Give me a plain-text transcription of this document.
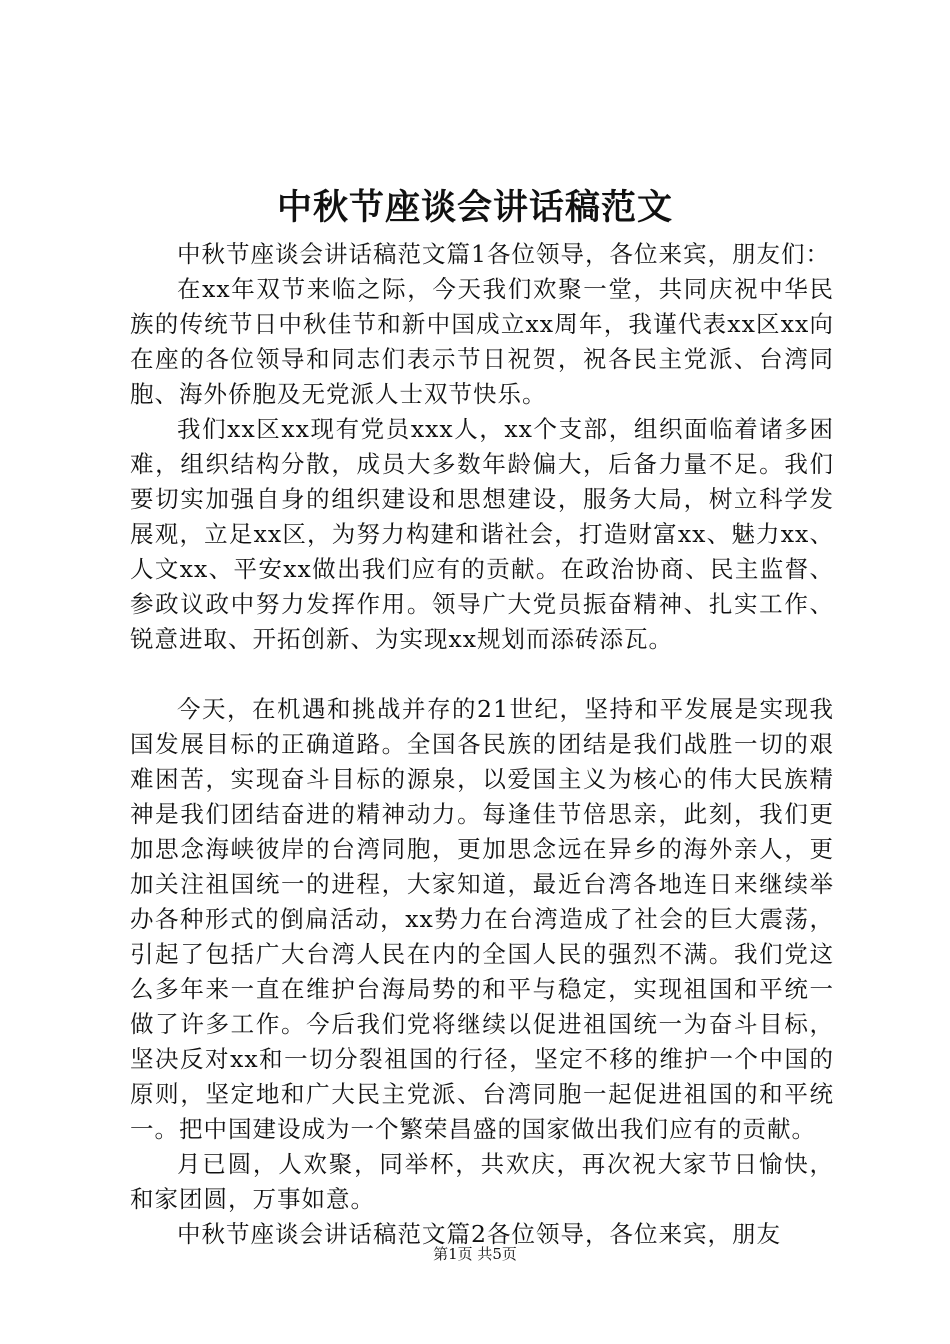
中秋节座谈会讲话稿范文

中秋节座谈会讲话稿范文篇1各位领导，各位来宾，朋友们：

在xx年双节来临之际，今天我们欢聚一堂，共同庆祝中华民族的传统节日中秋佳节和新中国成立xx周年，我谨代表xx区xx向在座的各位领导和同志们表示节日祝贺，祝各民主党派、台湾同胞、海外侨胞及无党派人士双节快乐。

我们xx区xx现有党员xxx人，xx个支部，组织面临着诸多困难，组织结构分散，成员大多数年龄偏大，后备力量不足。我们要切实加强自身的组织建设和思想建设，服务大局，树立科学发展观，立足xx区，为努力构建和谐社会，打造财富xx、魅力xx、人文xx、平安xx做出我们应有的贡献。在政治协商、民主监督、参政议政中努力发挥作用。领导广大党员振奋精神、扎实工作、锐意进取、开拓创新、为实现xx规划而添砖添瓦。

今天，在机遇和挑战并存的21世纪，坚持和平发展是实现我国发展目标的正确道路。全国各民族的团结是我们战胜一切的艰难困苦，实现奋斗目标的源泉，以爱国主义为核心的伟大民族精神是我们团结奋进的精神动力。每逢佳节倍思亲，此刻，我们更加思念海峡彼岸的台湾同胞，更加思念远在异乡的海外亲人，更加关注祖国统一的进程，大家知道，最近台湾各地连日来继续举办各种形式的倒扁活动，xx势力在台湾造成了社会的巨大震荡，引起了包括广大台湾人民在内的全国人民的强烈不满。我们党这么多年来一直在维护台海局势的和平与稳定，实现祖国和平统一做了许多工作。今后我们党将继续以促进祖国统一为奋斗目标，坚决反对xx和一切分裂祖国的行径，坚定不移的维护一个中国的原则，坚定地和广大民主党派、台湾同胞一起促进祖国的和平统一。把中国建设成为一个繁荣昌盛的国家做出我们应有的贡献。

月已圆，人欢聚，同举杯，共欢庆，再次祝大家节日愉快，和家团圆，万事如意。

中秋节座谈会讲话稿范文篇2各位领导，各位来宾，朋友

第1页 共5页
